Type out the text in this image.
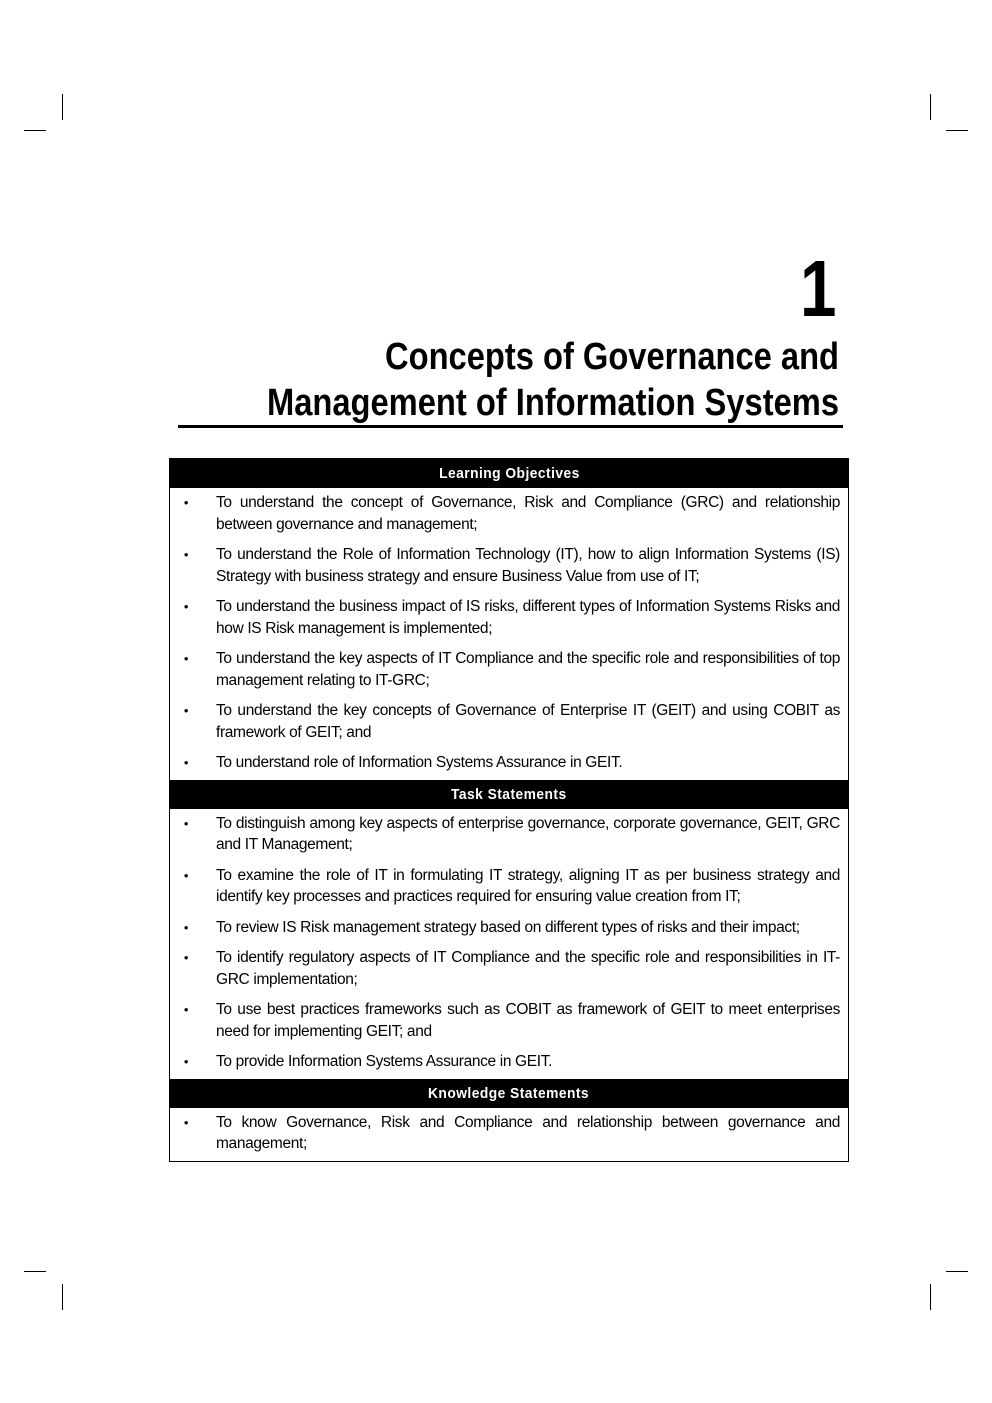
1
Concepts of Governance and
Management of Information Systems
Learning Objectives
• To understand the concept of Governance, Risk and Compliance (GRC) and relationship between governance and management;
• To understand the Role of Information Technology (IT), how to align Information Systems (IS) Strategy with business strategy and ensure Business Value from use of IT;
• To understand the business impact of IS risks, different types of Information Systems Risks and how IS Risk management is implemented;
• To understand the key aspects of IT Compliance and the specific role and responsibilities of top management relating to IT-GRC;
• To understand the key concepts of Governance of Enterprise IT (GEIT) and using COBIT as framework of GEIT; and
• To understand role of Information Systems Assurance in GEIT.
Task Statements
• To distinguish among key aspects of enterprise governance, corporate governance, GEIT, GRC and IT Management;
• To examine the role of IT in formulating IT strategy, aligning IT as per business strategy and identify key processes and practices required for ensuring value creation from IT;
• To review IS Risk management strategy based on different types of risks and their impact;
• To identify regulatory aspects of IT Compliance and the specific role and responsibilities in IT-GRC implementation;
• To use best practices frameworks such as COBIT as framework of GEIT to meet enterprises need for implementing GEIT; and
• To provide Information Systems Assurance in GEIT.
Knowledge Statements
• To know Governance, Risk and Compliance and relationship between governance and management;
